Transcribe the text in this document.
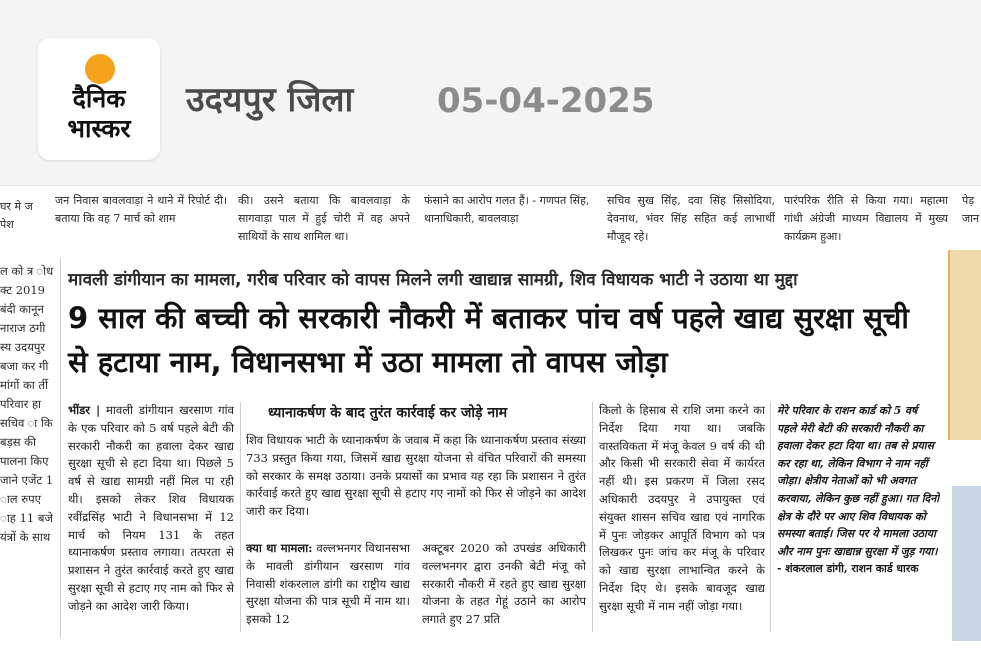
दैनिक
भास्कर
उदयपुर जिला 05-04-2025
घर मे ज पेश
जन निवास बावलवाड़ा ने थाने में रिपोर्ट दी। बताया कि वह 7 मार्च को शाम
की। उसने बताया कि बावलवाड़ा के सागवाड़ा पाल में हुई चोरी में वह अपने साथियों के साथ शामिल था।
फंसाने का आरोप गलत हैं। - गणपत सिंह, थानाधिकारी, बावलवाड़ा
सचिव सुख सिंह, दवा सिंह सिसोदिया, देवनाथ, भंवर सिंह सहित कई लाभार्थी मौजूद रहे।
पारंपरिक रीति से किया गया। महात्मा गांधी अंग्रेजी माध्यम विद्यालय में मुख्य कार्यक्रम हुआ।
पेड़ जान
ल को त्र ोध क्ट 2019 बंदी कानून नाराज ठगी स्य उदयपुर बजा कर गी मांगों का र्ती परिवार हा सचिव ा कि बड़स की पालना किए जाने एजेंट 1 ाल रुपए ाह 11 बजे यंत्रों के साथ
मावली डांगीयान का मामला, गरीब परिवार को वापस मिलने लगी खाद्यान्न सामग्री, शिव विधायक भाटी ने उठाया था मुद्दा
9 साल की बच्ची को सरकारी नौकरी में बताकर पांच वर्ष पहले खाद्य सुरक्षा सूची से हटाया नाम, विधानसभा में उठा मामला तो वापस जोड़ा
भींडर | मावली डांगीयान खरसाण गांव के एक परिवार को 5 वर्ष पहले बेटी की सरकारी नौकरी का हवाला देकर खाद्य सुरक्षा सूची से हटा दिया था। पिछले 5 वर्ष से खाद्य सामग्री नहीं मिल पा रही थी। इसको लेकर शिव विधायक रवींद्रसिंह भाटी ने विधानसभा में 12 मार्च को नियम 131 के तहत ध्यानाकर्षण प्रस्ताव लगाया। तत्परता से प्रशासन ने तुरंत कार्रवाई करते हुए खाद्य सुरक्षा सूची से हटाए गए नाम को फिर से जोड़ने का आदेश जारी किया।
ध्यानाकर्षण के बाद तुरंत कार्रवाई कर जोड़े नाम
शिव विधायक भाटी के ध्यानाकर्षण के जवाब में कहा कि ध्यानाकर्षण प्रस्ताव संख्या 733 प्रस्तुत किया गया, जिसमें खाद्य सुरक्षा योजना से वंचित परिवारों की समस्या को सरकार के समक्ष उठाया। उनके प्रयासों का प्रभाव यह रहा कि प्रशासन ने तुरंत कार्रवाई करते हुए खाद्य सुरक्षा सूची से हटाए गए नामों को फिर से जोड़ने का आदेश जारी कर दिया।
क्या था मामला: वल्लभनगर विधानसभा के मावली डांगीयान खरसाण गांव निवासी शंकरलाल डांगी का राष्ट्रीय खाद्य सुरक्षा योजना की पात्र सूची में नाम था। इसको 12
अक्टूबर 2020 को उपखंड अधिकारी वल्लभनगर द्वारा उनकी बेटी मंजू को सरकारी नौकरी में रहते हुए खाद्य सुरक्षा योजना के तहत गेहूं उठाने का आरोप लगाते हुए 27 प्रति
किलो के हिसाब से राशि जमा करने का निर्देश दिया गया था। जबकि वास्तविकता में मंजू केवल 9 वर्ष की थी और किसी भी सरकारी सेवा में कार्यरत नहीं थी। इस प्रकरण में जिला रसद अधिकारी उदयपुर ने उपायुक्त एवं संयुक्त शासन सचिव खाद्य एवं नागरिक में पुनः जोड़कर आपूर्ति विभाग को पत्र लिखकर पुनः जांच कर मंजू के परिवार को खाद्य सुरक्षा लाभान्वित करने के निर्देश दिए थे। इसके बावजूद खाद्य सुरक्षा सूची में नाम नहीं जोड़ा गया।
मेरे परिवार के राशन कार्ड को 5 वर्ष पहले मेरी बेटी की सरकारी नौकरी का हवाला देकर हटा दिया था। तब से प्रयास कर रहा था, लेकिन विभाग ने नाम नहीं जोड़ा। क्षेत्रीय नेताओं को भी अवगत करवाया, लेकिन कुछ नहीं हुआ। गत दिनों क्षेत्र के दौरे पर आए शिव विधायक को समस्या बताई। जिस पर ये मामला उठाया और नाम पुनः खाद्यान्न सुरक्षा में जुड़ गया।
- शंकरलाल डांगी, राशन कार्ड धारक
